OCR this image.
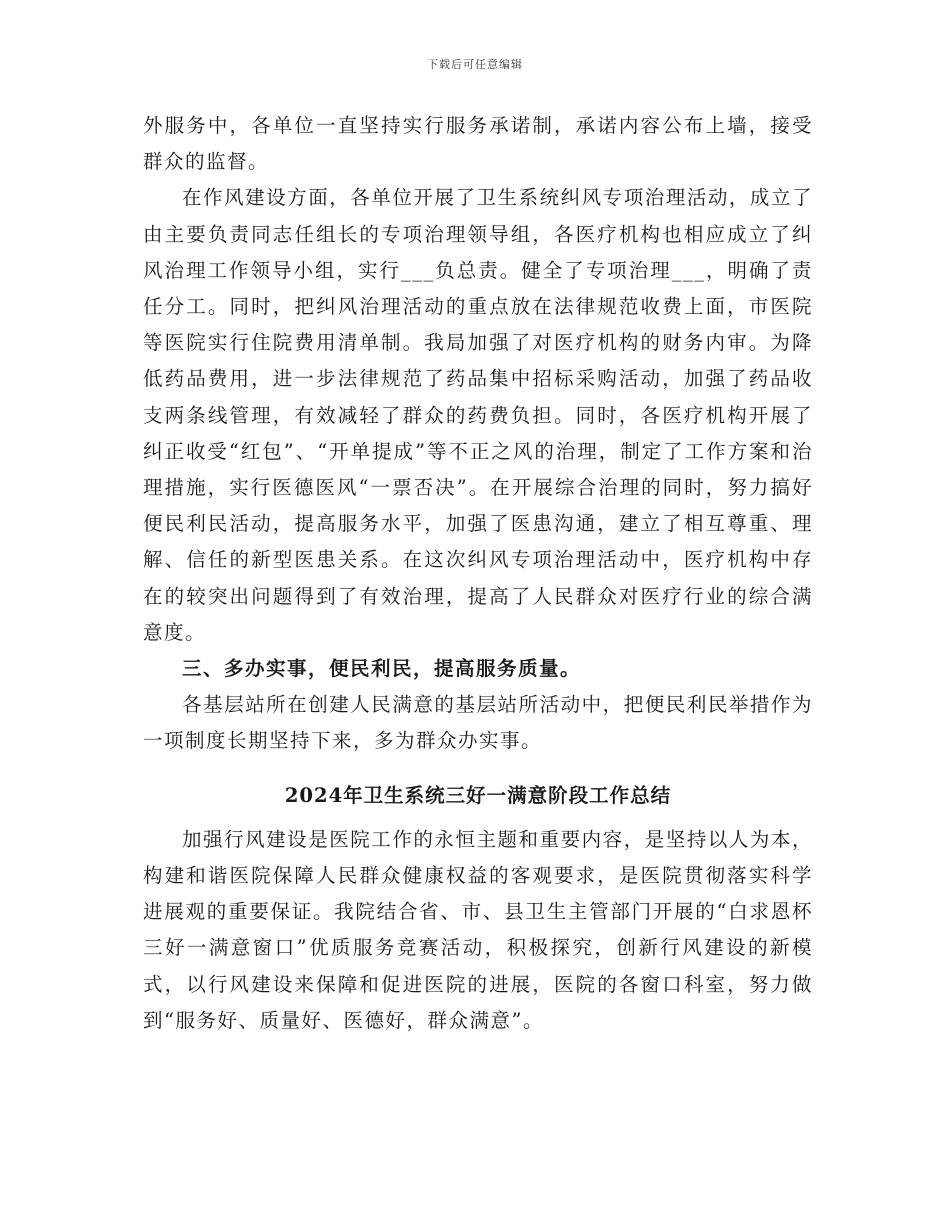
下载后可任意编辑

外服务中，各单位一直坚持实行服务承诺制，承诺内容公布上墙，接受群众的监督。

在作风建设方面，各单位开展了卫生系统纠风专项治理活动，成立了由主要负责同志任组长的专项治理领导组，各医疗机构也相应成立了纠风治理工作领导小组，实行___负总责。健全了专项治理___，明确了责任分工。同时，把纠风治理活动的重点放在法律规范收费上面，市医院等医院实行住院费用清单制。我局加强了对医疗机构的财务内审。为降低药品费用，进一步法律规范了药品集中招标采购活动，加强了药品收支两条线管理，有效减轻了群众的药费负担。同时，各医疗机构开展了纠正收受“红包”、“开单提成”等不正之风的治理，制定了工作方案和治理措施，实行医德医风“一票否决”。在开展综合治理的同时，努力搞好便民利民活动，提高服务水平，加强了医患沟通，建立了相互尊重、理解、信任的新型医患关系。在这次纠风专项治理活动中，医疗机构中存在的较突出问题得到了有效治理，提高了人民群众对医疗行业的综合满意度。

三、多办实事，便民利民，提高服务质量。

各基层站所在创建人民满意的基层站所活动中，把便民利民举措作为一项制度长期坚持下来，多为群众办实事。

2024年卫生系统三好一满意阶段工作总结

加强行风建设是医院工作的永恒主题和重要内容，是坚持以人为本，构建和谐医院保障人民群众健康权益的客观要求，是医院贯彻落实科学进展观的重要保证。我院结合省、市、县卫生主管部门开展的“白求恩杯三好一满意窗口”优质服务竞赛活动，积极探究，创新行风建设的新模式，以行风建设来保障和促进医院的进展，医院的各窗口科室，努力做到“服务好、质量好、医德好，群众满意”。
